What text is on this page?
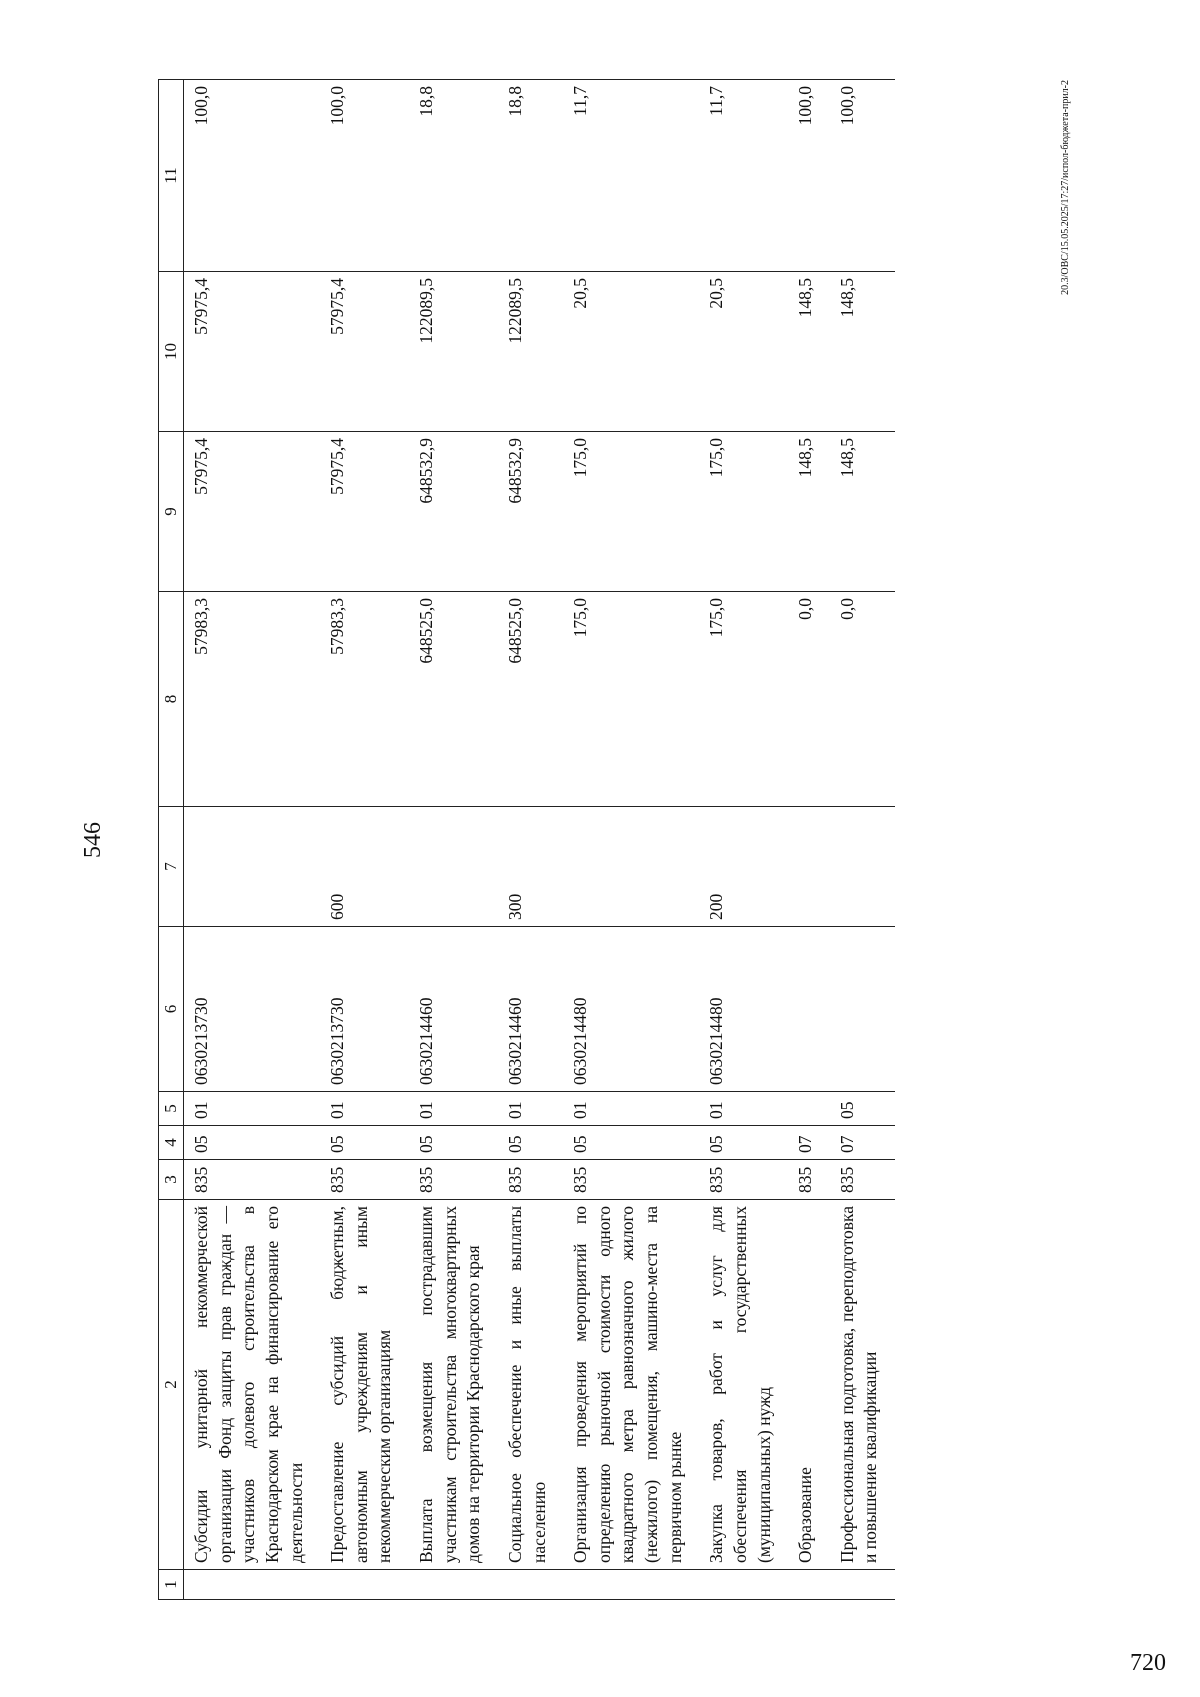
720
546
1	2	3	4	5	6	7	8	9	10	11
	Субсидии унитарной некоммерческой организации Фонд защиты прав граждан — участников долевого строительства в Краснодарском крае на финансирование его деятельности	835	05	01	0630213730		57983,3	57975,4	57975,4	100,0
	Предоставление субсидий бюджетным, автономным учреждениям и иным некоммерческим организациям	835	05	01	0630213730	600	57983,3	57975,4	57975,4	100,0
	Выплата возмещения пострадавшим участникам строительства многоквартирных домов на территории Краснодарского края	835	05	01	0630214460		648525,0	648532,9	122089,5	18,8
	Социальное обеспечение и иные выплаты населению	835	05	01	0630214460	300	648525,0	648532,9	122089,5	18,8
	Организация проведения мероприятий по определению рыночной стоимости одного квадратного метра равнозначного жилого (нежилого) помещения, машино-места на первичном рынке	835	05	01	0630214480		175,0	175,0	20,5	11,7
	Закупка товаров, работ и услуг для обеспечения государственных (муниципальных) нужд	835	05	01	0630214480	200	175,0	175,0	20,5	11,7
	Образование	835	07				0,0	148,5	148,5	100,0
	Профессиональная подготовка, переподготовка и повышение квалификации	835	07	05			0,0	148,5	148,5	100,0	20.3/ОВС/15.05.2025/17:27/испол-бюджета-прил-2
